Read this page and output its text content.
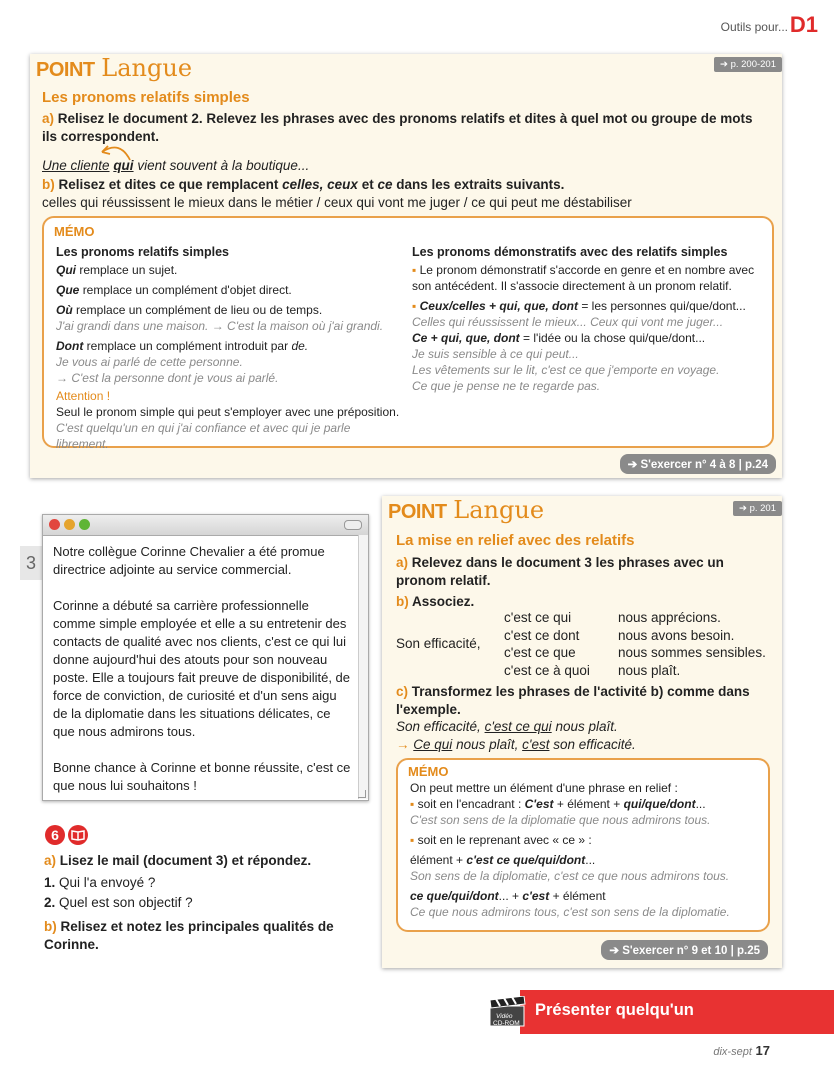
Outils pour... D1
POINT Langue	➔ p. 200-201
Les pronoms relatifs simples
a) Relisez le document 2. Relevez les phrases avec des pronoms relatifs et dites à quel mot ou groupe de mots ils correspondent.
Une cliente qui vient souvent à la boutique...
b) Relisez et dites ce que remplacent celles, ceux et ce dans les extraits suivants.
celles qui réussissent le mieux dans le métier / ceux qui vont me juger / ce qui peut me déstabiliser
MÉMO
Les pronoms relatifs simples
Qui remplace un sujet.
Que remplace un complément d'objet direct.
Où remplace un complément de lieu ou de temps.
J'ai grandi dans une maison. → C'est la maison où j'ai grandi.
Dont remplace un complément introduit par de.
Je vous ai parlé de cette personne.
→ C'est la personne dont je vous ai parlé.
Attention !
Seul le pronom simple qui peut s'employer avec une préposition.
C'est quelqu'un en qui j'ai confiance et avec qui je parle librement.
Les pronoms démonstratifs avec des relatifs simples
▪ Le pronom démonstratif s'accorde en genre et en nombre avec son antécédent. Il s'associe directement à un pronom relatif.
▪ Ceux/celles + qui, que, dont = les personnes qui/que/dont...
Celles qui réussissent le mieux... Ceux qui vont me juger...
Ce + qui, que, dont = l'idée ou la chose qui/que/dont...
Je suis sensible à ce qui peut...
Les vêtements sur le lit, c'est ce que j'emporte en voyage.
Ce que je pense ne te regarde pas.
➔ S'exercer n° 4 à 8 | p.24
3
Notre collègue Corinne Chevalier a été promue directrice adjointe au service commercial.
Corinne a débuté sa carrière professionnelle comme simple employée et elle a su entretenir des contacts de qualité avec nos clients, c'est ce qui lui donne aujourd'hui des atouts pour son nouveau poste. Elle a toujours fait preuve de disponibilité, de force de conviction, de curiosité et d'un sens aigu de la diplomatie dans les situations délicates, ce que nous admirons tous.
Bonne chance à Corinne et bonne réussite, c'est ce que nous lui souhaitons !
6
a) Lisez le mail (document 3) et répondez.
1. Qui l'a envoyé ?
2. Quel est son objectif ?
b) Relisez et notez les principales qualités de Corinne.
POINT Langue	➔ p. 201
La mise en relief avec des relatifs
a) Relevez dans le document 3 les phrases avec un pronom relatif.
b) Associez.
Son efficacité,
c'est ce qui
c'est ce dont
c'est ce que
c'est ce à quoi
nous apprécions.
nous avons besoin.
nous sommes sensibles.
nous plaît.
c) Transformez les phrases de l'activité b) comme dans l'exemple.
Son efficacité, c'est ce qui nous plaît.
→ Ce qui nous plaît, c'est son efficacité.
MÉMO
On peut mettre un élément d'une phrase en relief :
▪ soit en l'encadrant : C'est + élément + qui/que/dont...
C'est son sens de la diplomatie que nous admirons tous.
▪ soit en le reprenant avec « ce » :
élément + c'est ce que/qui/dont...
Son sens de la diplomatie, c'est ce que nous admirons tous.
ce que/qui/dont... + c'est + élément
Ce que nous admirons tous, c'est son sens de la diplomatie.
➔ S'exercer n° 9 et 10 | p.25
Vidéo
CD-ROM
Présenter quelqu'un
dix-sept 17
